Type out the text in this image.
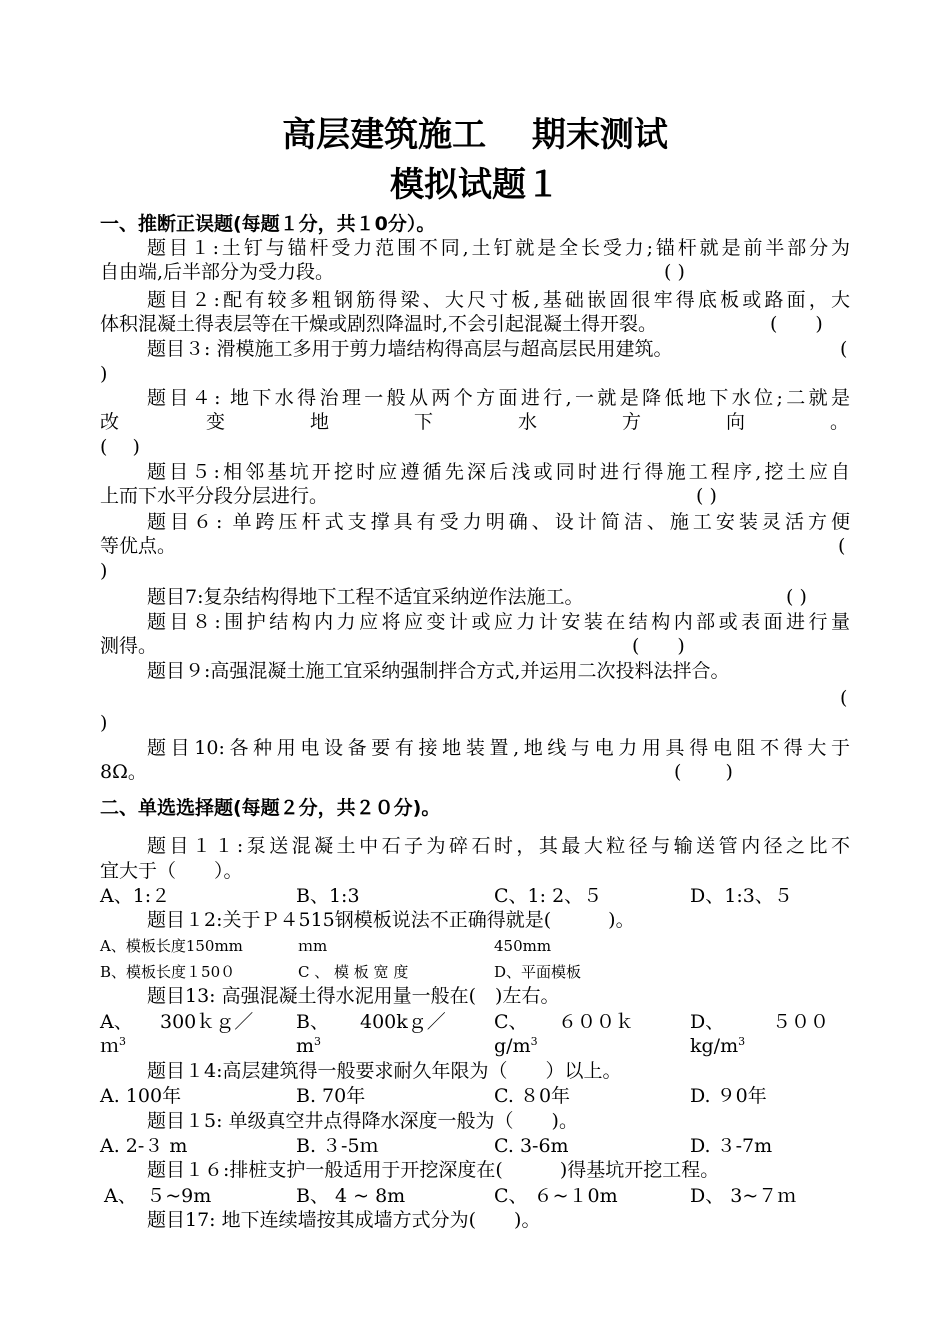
高层建筑施工　 期末测试
模拟试题１
一、推断正误题(每题１分，共１0分）。
题目１:土钉与锚杆受力范围不同,土钉就是全长受力;锚杆就是前半部分为
自由端,后半部分为受力段。	( )
题目２:配有较多粗钢筋得梁、大尺寸板,基础嵌固很牢得底板或路面，大
体积混凝土得表层等在干燥或剧烈降温时,不会引起混凝土得开裂。	(　　)
题目３: 滑模施工多用于剪力墙结构得高层与超高层民用建筑。	(
)
题目４: 地下水得治理一般从两个方面进行,一就是降低地下水位;二就是
改	变	地	下	水	方	向	。
(　 )
题目５:相邻基坑开挖时应遵循先深后浅或同时进行得施工程序,挖土应自
上而下水平分段分层进行。	( )
题目６: 单跨压杆式支撑具有受力明确、设计简洁、施工安装灵活方便
等优点。	(
)
题目7:复杂结构得地下工程不适宜采纳逆作法施工。	( )
题目８:围护结构内力应将应变计或应力计安装在结构内部或表面进行量
测得。	(　　)
题目９:高强混凝土施工宜采纳强制拌合方式,并运用二次投料法拌合。
(
)
题目10:各种用电设备要有接地装置,地线与电力用具得电阻不得大于
8Ω。	(　　 )
二、单选选择题(每题２分，共２０分)。
题目１１:泵送混凝土中石子为碎石时，其最大粒径与输送管内径之比不
宜大于（　　）。
A、1:２	B、1:3	C、1: 2、５	D、1:3、５
题目１2:关于Ｐ４515钢模板说法不正确得就是(　　　)。
A、模板长度150mm	ｍm	450mm
B、模板长度１50０	C 、 模 板 宽 度	D、平面模板
题目13: 高强混凝土得水泥用量一般在(　)左右。
A、 300ｋｇ／
ｍ$^3$
B、 400kｇ／
$m^3$
C、 ６００ｋ
$g/m^3$
D、	５００
$kg/m^3$
题目１4:高层建筑得一般要求耐久年限为（　　）以上。
A. 100年	B. 70年	C. ８0年	D. ９0年
题目１5: 单级真空井点得降水深度一般为（　　)。
A. 2-３ m	B. ３-5ｍ	C. 3-6m	D. ３-7m
题目１６:排桩支护一般适用于开挖深度在(　　　)得基坑开挖工程。
A、　５~9m	B、 4 ~ 8m	C、 ６~１0m	D、 3~７ｍ
题目17: 地下连续墙按其成墙方式分为(　　)。
